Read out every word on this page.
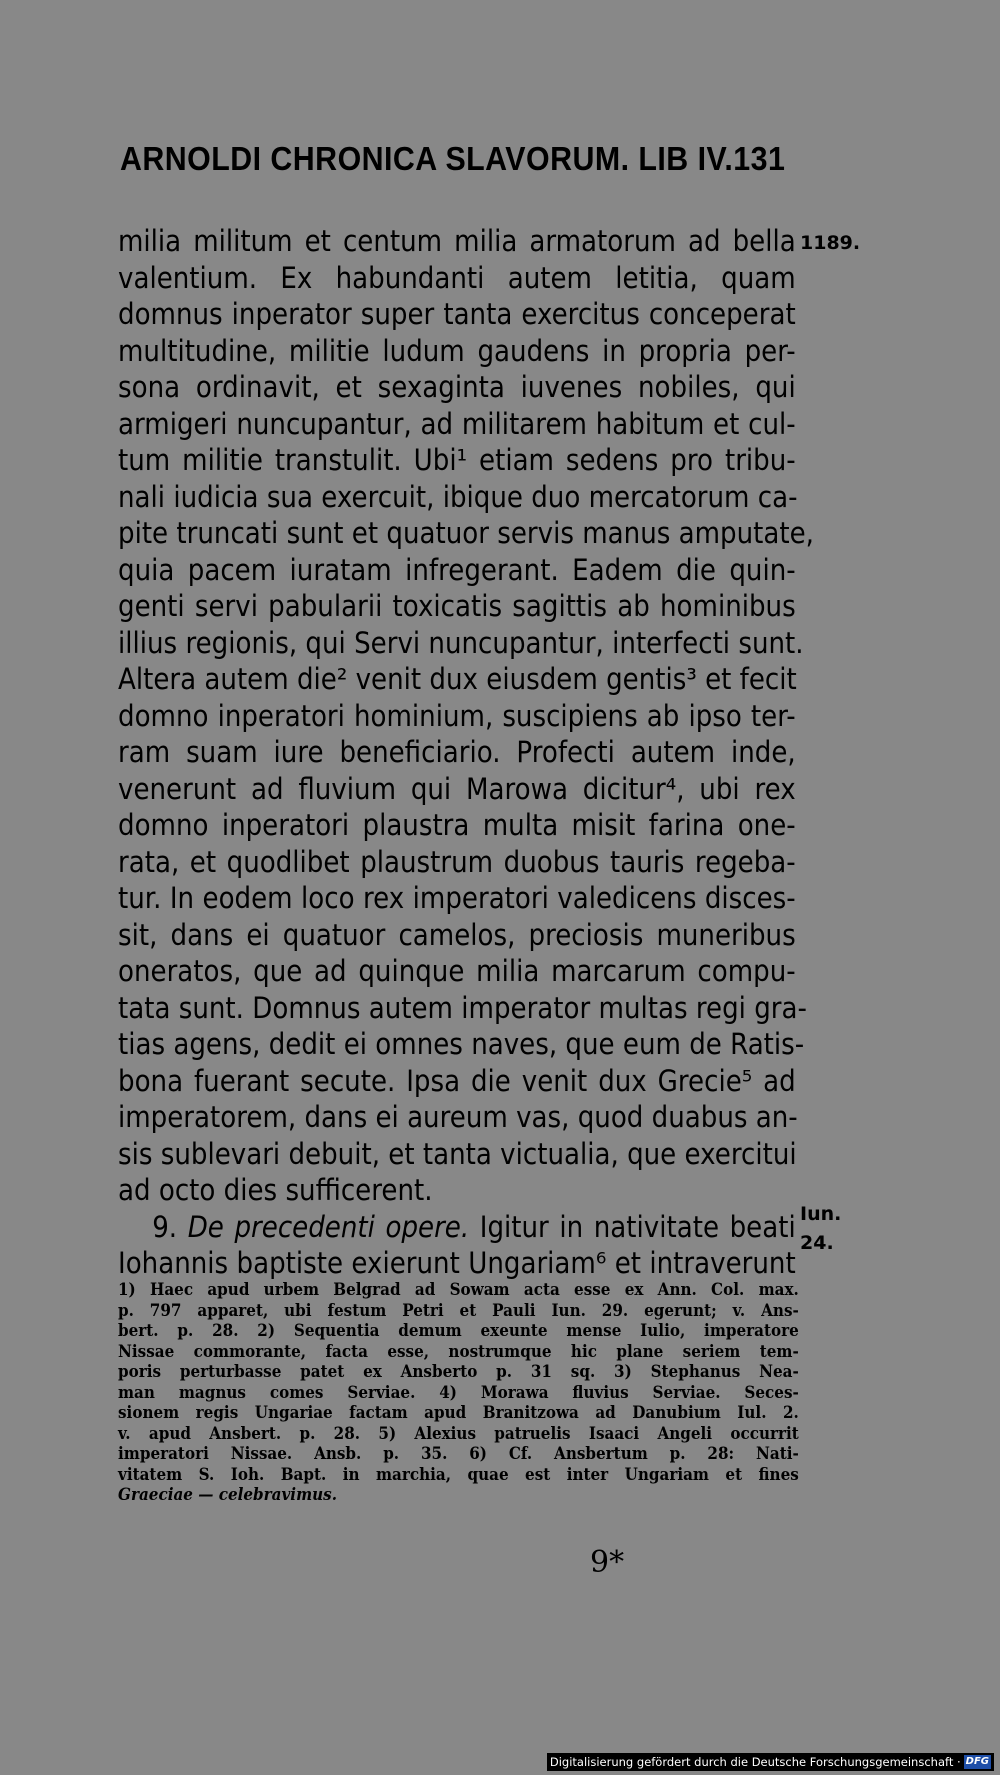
ARNOLDI CHRONICA SLAVORUM. LIB IV. 131
1189.
Iun.
24.
milia militum et centum milia armatorum ad bella
valentium. Ex habundanti autem letitia, quam
domnus inperator super tanta exercitus conceperat
multitudine, militie ludum gaudens in propria per-
sona ordinavit, et sexaginta iuvenes nobiles, qui
armigeri nuncupantur, ad militarem habitum et cul-
tum militie transtulit. Ubi¹ etiam sedens pro tribu-
nali iudicia sua exercuit, ibique duo mercatorum ca-
pite truncati sunt et quatuor servis manus amputate,
quia pacem iuratam infregerant. Eadem die quin-
genti servi pabularii toxicatis sagittis ab hominibus
illius regionis, qui Servi nuncupantur, interfecti sunt.
Altera autem die² venit dux eiusdem gentis³ et fecit
domno inperatori hominium, suscipiens ab ipso ter-
ram suam iure beneficiario. Profecti autem inde,
venerunt ad fluvium qui Marowa dicitur⁴, ubi rex
domno inperatori plaustra multa misit farina one-
rata, et quodlibet plaustrum duobus tauris regeba-
tur. In eodem loco rex imperatori valedicens disces-
sit, dans ei quatuor camelos, preciosis muneribus
oneratos, que ad quinque milia marcarum compu-
tata sunt. Domnus autem imperator multas regi gra-
tias agens, dedit ei omnes naves, que eum de Ratis-
bona fuerant secute. Ipsa die venit dux Grecie⁵ ad
imperatorem, dans ei aureum vas, quod duabus an-
sis sublevari debuit, et tanta victualia, que exercitui
ad octo dies sufficerent.
9. De precedenti opere. Igitur in nativitate beati
Iohannis baptiste exierunt Ungariam⁶ et intraverunt
1) Haec apud urbem Belgrad ad Sowam acta esse ex Ann. Col. max.
p. 797 apparet, ubi festum Petri et Pauli Iun. 29. egerunt; v. Ans-
bert. p. 28. 2) Sequentia demum exeunte mense Iulio, imperatore
Nissae commorante, facta esse, nostrumque hic plane seriem tem-
poris perturbasse patet ex Ansberto p. 31 sq. 3) Stephanus Nea-
man magnus comes Serviae. 4) Morawa fluvius Serviae. Seces-
sionem regis Ungariae factam apud Branitzowa ad Danubium Iul. 2.
v. apud Ansbert. p. 28. 5) Alexius patruelis Isaaci Angeli occurrit
imperatori Nissae. Ansb. p. 35. 6) Cf. Ansbertum p. 28: Nati-
vitatem S. Ioh. Bapt. in marchia, quae est inter Ungariam et fines
Graeciae — celebravimus.
9*
Digitalisierung gefördert durch die Deutsche Forschungsgemeinschaft · DFG
